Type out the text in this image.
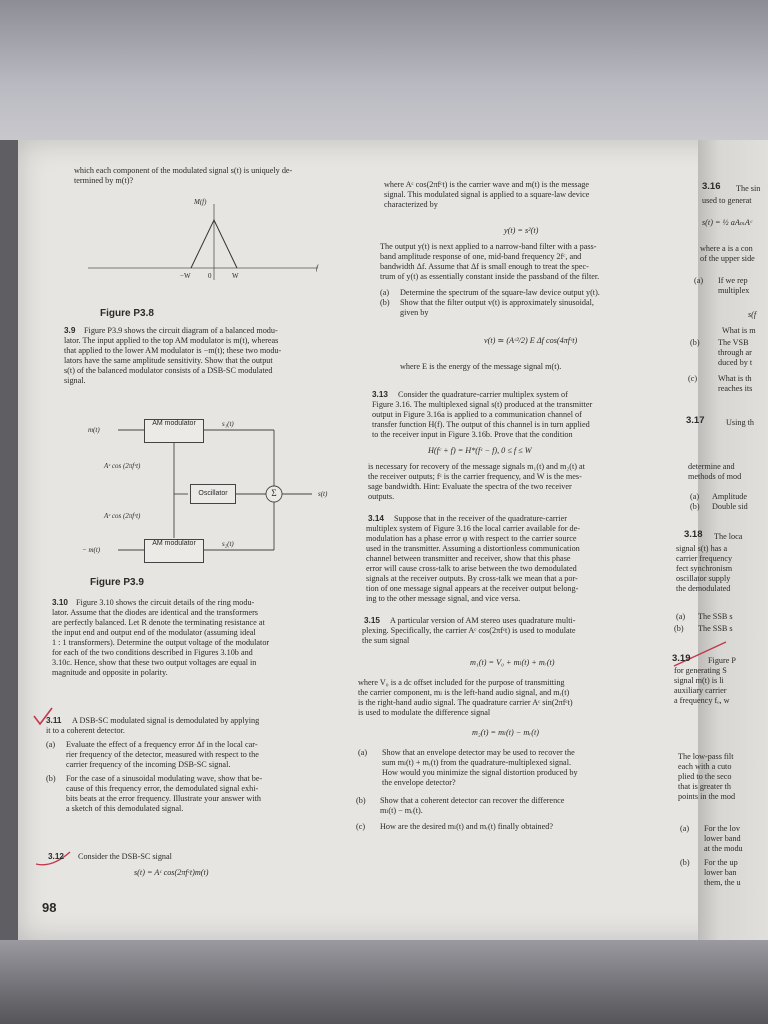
which each component of the modulated signal s(t) is uniquely de-
termined by m(t)?
M(f)
f
−W 0	W
Figure P3.8
3.9 Figure P3.9 shows the circuit diagram of a balanced modu-
lator. The input applied to the top AM modulator is m(t), whereas
that applied to the lower AM modulator is −m(t); these two modu-
lators have the same amplitude sensitivity. Show that the output
s(t) of the balanced modulator consists of a DSB-SC modulated
signal.
m(t)
AM modulator	s₁(t)
Aᶜ cos (2πfᶜt)
Oscillator	Σ	s(t)
Aᶜ cos (2πfᶜt)
− m(t)
AM modulator	s₂(t)
Figure P3.9
3.10 Figure 3.10 shows the circuit details of the ring modu-
lator. Assume that the diodes are identical and the transformers
are perfectly balanced. Let R denote the terminating resistance at
the input end and output end of the modulator (assuming ideal
1 : 1 transformers). Determine the output voltage of the modulator
for each of the two conditions described in Figures 3.10b and
3.10c. Hence, show that these two output voltages are equal in
magnitude and opposite in polarity.
3.11 A DSB-SC modulated signal is demodulated by applying
it to a coherent detector.
(a) Evaluate the effect of a frequency error Δf in the local car-
rier frequency of the detector, measured with respect to the
carrier frequency of the incoming DSB-SC signal.
(b) For the case of a sinusoidal modulating wave, show that be-
cause of this frequency error, the demodulated signal exhi-
bits beats at the error frequency. Illustrate your answer with
a sketch of this demodulated signal.
3.12 Consider the DSB-SC signal
s(t) = Aᶜ cos(2πfᶜt)m(t)
98
where Aᶜ cos(2πfᶜt) is the carrier wave and m(t) is the message
signal. This modulated signal is applied to a square-law device
characterized by
y(t) = s²(t)
The output y(t) is next applied to a narrow-band filter with a pass-
band amplitude response of one, mid-band frequency 2fᶜ, and
bandwidth Δf. Assume that Δf is small enough to treat the spec-
trum of y(t) as essentially constant inside the passband of the filter.
(a) Determine the spectrum of the square-law device output y(t).
(b) Show that the filter output v(t) is approximately sinusoidal,
given by
v(t) ≃ (Aᶜ²/2) E Δf cos(4πfᶜt)
where E is the energy of the message signal m(t).
3.13 Consider the quadrature-carrier multiplex system of
Figure 3.16. The multiplexed signal s(t) produced at the transmitter
output in Figure 3.16a is applied to a communication channel of
transfer function H(f). The output of this channel is in turn applied
to the receiver input in Figure 3.16b. Prove that the condition
H(fᶜ + f) = H*(fᶜ − f), 0 ≤ f ≤ W
is necessary for recovery of the message signals m₁(t) and m₂(t) at
the receiver outputs; fᶜ is the carrier frequency, and W is the mes-
sage bandwidth. Hint: Evaluate the spectra of the two receiver
outputs.
3.14 Suppose that in the receiver of the quadrature-carrier
multiplex system of Figure 3.16 the local carrier available for de-
modulation has a phase error φ with respect to the carrier source
used in the transmitter. Assuming a distortionless communication
channel between transmitter and receiver, show that this phase
error will cause cross-talk to arise between the two demodulated
signals at the receiver outputs. By cross-talk we mean that a por-
tion of one message signal appears at the receiver output belong-
ing to the other message signal, and vice versa.
3.15 A particular version of AM stereo uses quadrature multi-
plexing. Specifically, the carrier Aᶜ cos(2πfᶜt) is used to modulate
the sum signal
m₁(t) = V₀ + mₗ(t) + mᵣ(t)
where V₀ is a dc offset included for the purpose of transmitting
the carrier component, mₗ is the left-hand audio signal, and mᵣ(t)
is the right-hand audio signal. The quadrature carrier Aᶜ sin(2πfᶜt)
is used to modulate the difference signal
m₂(t) = mₗ(t) − mᵣ(t)
(a) Show that an envelope detector may be used to recover the
sum mₗ(t) + mᵣ(t) from the quadrature-multiplexed signal.
How would you minimize the signal distortion produced by
the envelope detector?
(b) Show that a coherent detector can recover the difference
mₗ(t) − mᵣ(t).
(c) How are the desired mₗ(t) and mᵣ(t) finally obtained?
3.16 The sin
used to generat
s(t) = ½ aAₘAᶜ
where a is a con
of the upper side
(a) If we rep
multiplex
s(f
What is m
(b) The VSB
through ar
duced by t
(c)	What is th
reaches its
3.17	Using th
determine and
methods of mod
(a) Amplitude
(b) Double sid
3.18 The loca
signal s(t) has a
carrier frequency
fect synchronism
oscillator supply
the demodulated
(a) The SSB s
(b) The SSB s
3.19 Figure P
for generating S
signal m(t) is li
auxiliary carrier
a frequency fₒ, w
The low-pass filt
each with a cuto
plied to the seco
that is greater th
points in the mod
(a) For the lov
lower band
at the modu
(b) For the up
lower ban
them, the u
